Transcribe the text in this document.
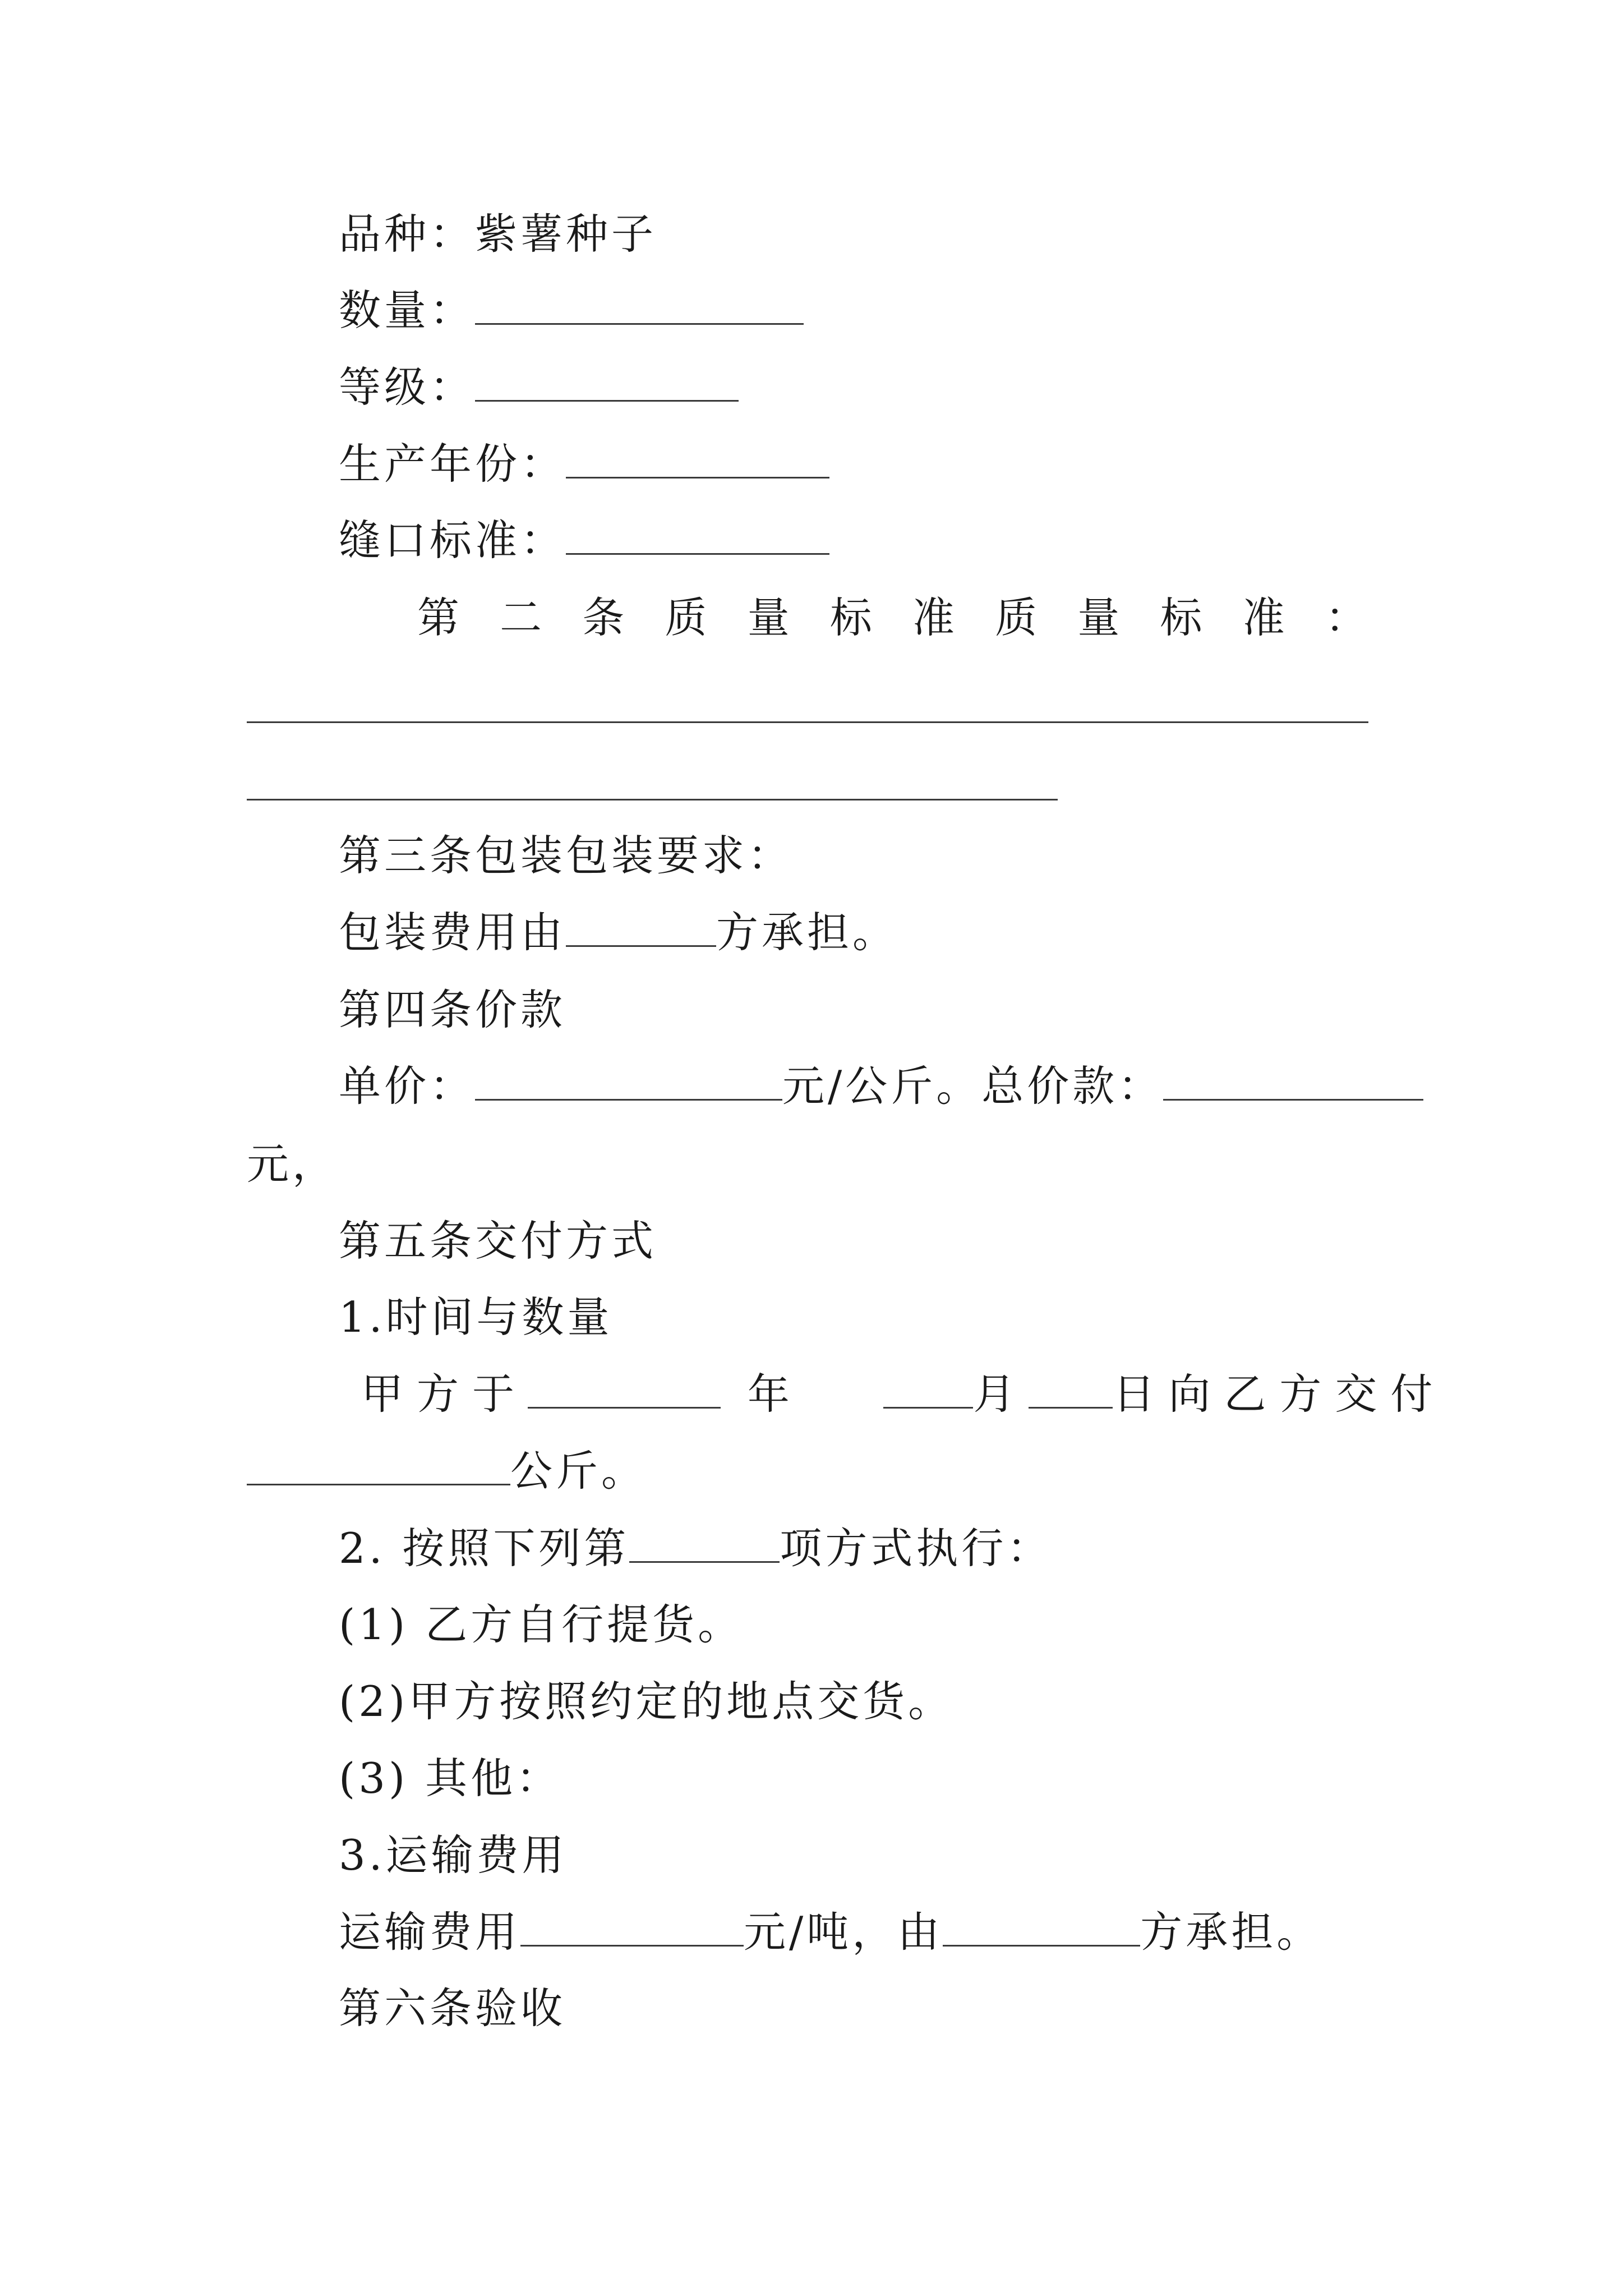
品种：紫薯种子
数量：
等级：
生产年份：
缝口标准：
第 二 条 质 量 标 准 质 量 标 准 ：
第三条包装包装要求：
包装费用由	方承担。
第四条价款
单价：	元/公斤。总价款：
元，
第五条交付方式
1.时间与数量
甲方于	年	月 日向乙方交付
公斤。
2. 按照下列第	项方式执行：
(1) 乙方自行提货。
(2)甲方按照约定的地点交货。
(3) 其他：
3.运输费用
运输费用	元/吨，由	方承担。
第六条验收
